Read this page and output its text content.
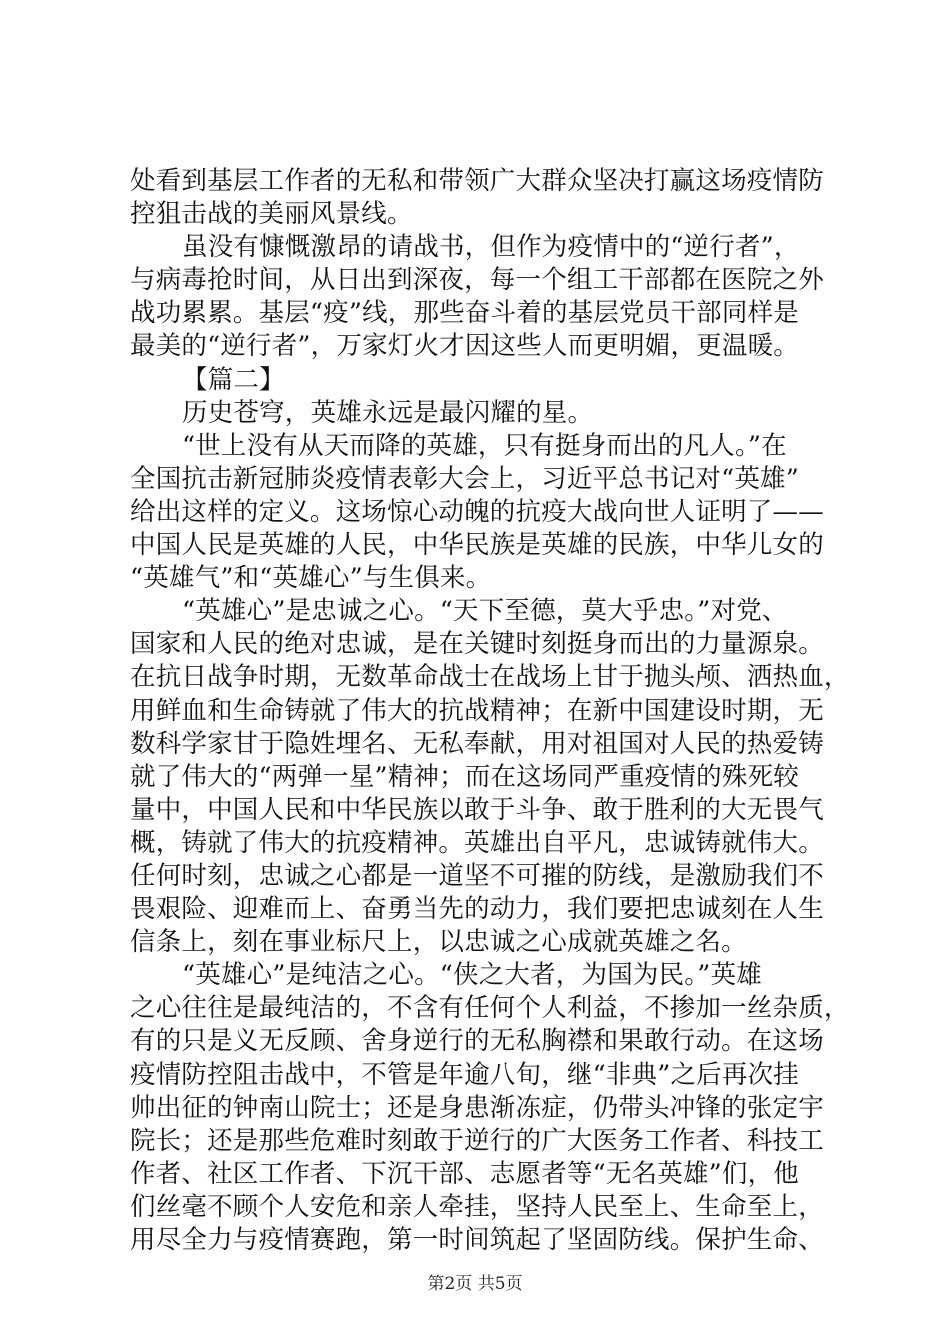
处看到基层工作者的无私和带领广大群众坚决打赢这场疫情防
控狙击战的美丽风景线。
虽没有慷慨激昂的请战书，但作为疫情中的“逆行者”，
与病毒抢时间，从日出到深夜，每一个组工干部都在医院之外
战功累累。基层“疫”线，那些奋斗着的基层党员干部同样是
最美的“逆行者”，万家灯火才因这些人而更明媚，更温暖。
【篇二】
历史苍穹，英雄永远是最闪耀的星。
“世上没有从天而降的英雄，只有挺身而出的凡人。”在
全国抗击新冠肺炎疫情表彰大会上，习近平总书记对“英雄”
给出这样的定义。这场惊心动魄的抗疫大战向世人证明了——
中国人民是英雄的人民，中华民族是英雄的民族，中华儿女的
“英雄气”和“英雄心”与生俱来。
“英雄心”是忠诚之心。“天下至德，莫大乎忠。”对党、
国家和人民的绝对忠诚，是在关键时刻挺身而出的力量源泉。
在抗日战争时期，无数革命战士在战场上甘于抛头颅、洒热血，
用鲜血和生命铸就了伟大的抗战精神；在新中国建设时期，无
数科学家甘于隐姓埋名、无私奉献，用对祖国对人民的热爱铸
就了伟大的“两弹一星”精神；而在这场同严重疫情的殊死较
量中，中国人民和中华民族以敢于斗争、敢于胜利的大无畏气
概，铸就了伟大的抗疫精神。英雄出自平凡，忠诚铸就伟大。
任何时刻，忠诚之心都是一道坚不可摧的防线，是激励我们不
畏艰险、迎难而上、奋勇当先的动力，我们要把忠诚刻在人生
信条上，刻在事业标尺上，以忠诚之心成就英雄之名。
“英雄心”是纯洁之心。“侠之大者，为国为民。”英雄
之心往往是最纯洁的，不含有任何个人利益，不掺加一丝杂质，
有的只是义无反顾、舍身逆行的无私胸襟和果敢行动。在这场
疫情防控阻击战中，不管是年逾八旬，继“非典”之后再次挂
帅出征的钟南山院士；还是身患渐冻症，仍带头冲锋的张定宇
院长；还是那些危难时刻敢于逆行的广大医务工作者、科技工
作者、社区工作者、下沉干部、志愿者等“无名英雄”们，他
们丝毫不顾个人安危和亲人牵挂，坚持人民至上、生命至上，
用尽全力与疫情赛跑，第一时间筑起了坚固防线。保护生命、
第2页 共5页
